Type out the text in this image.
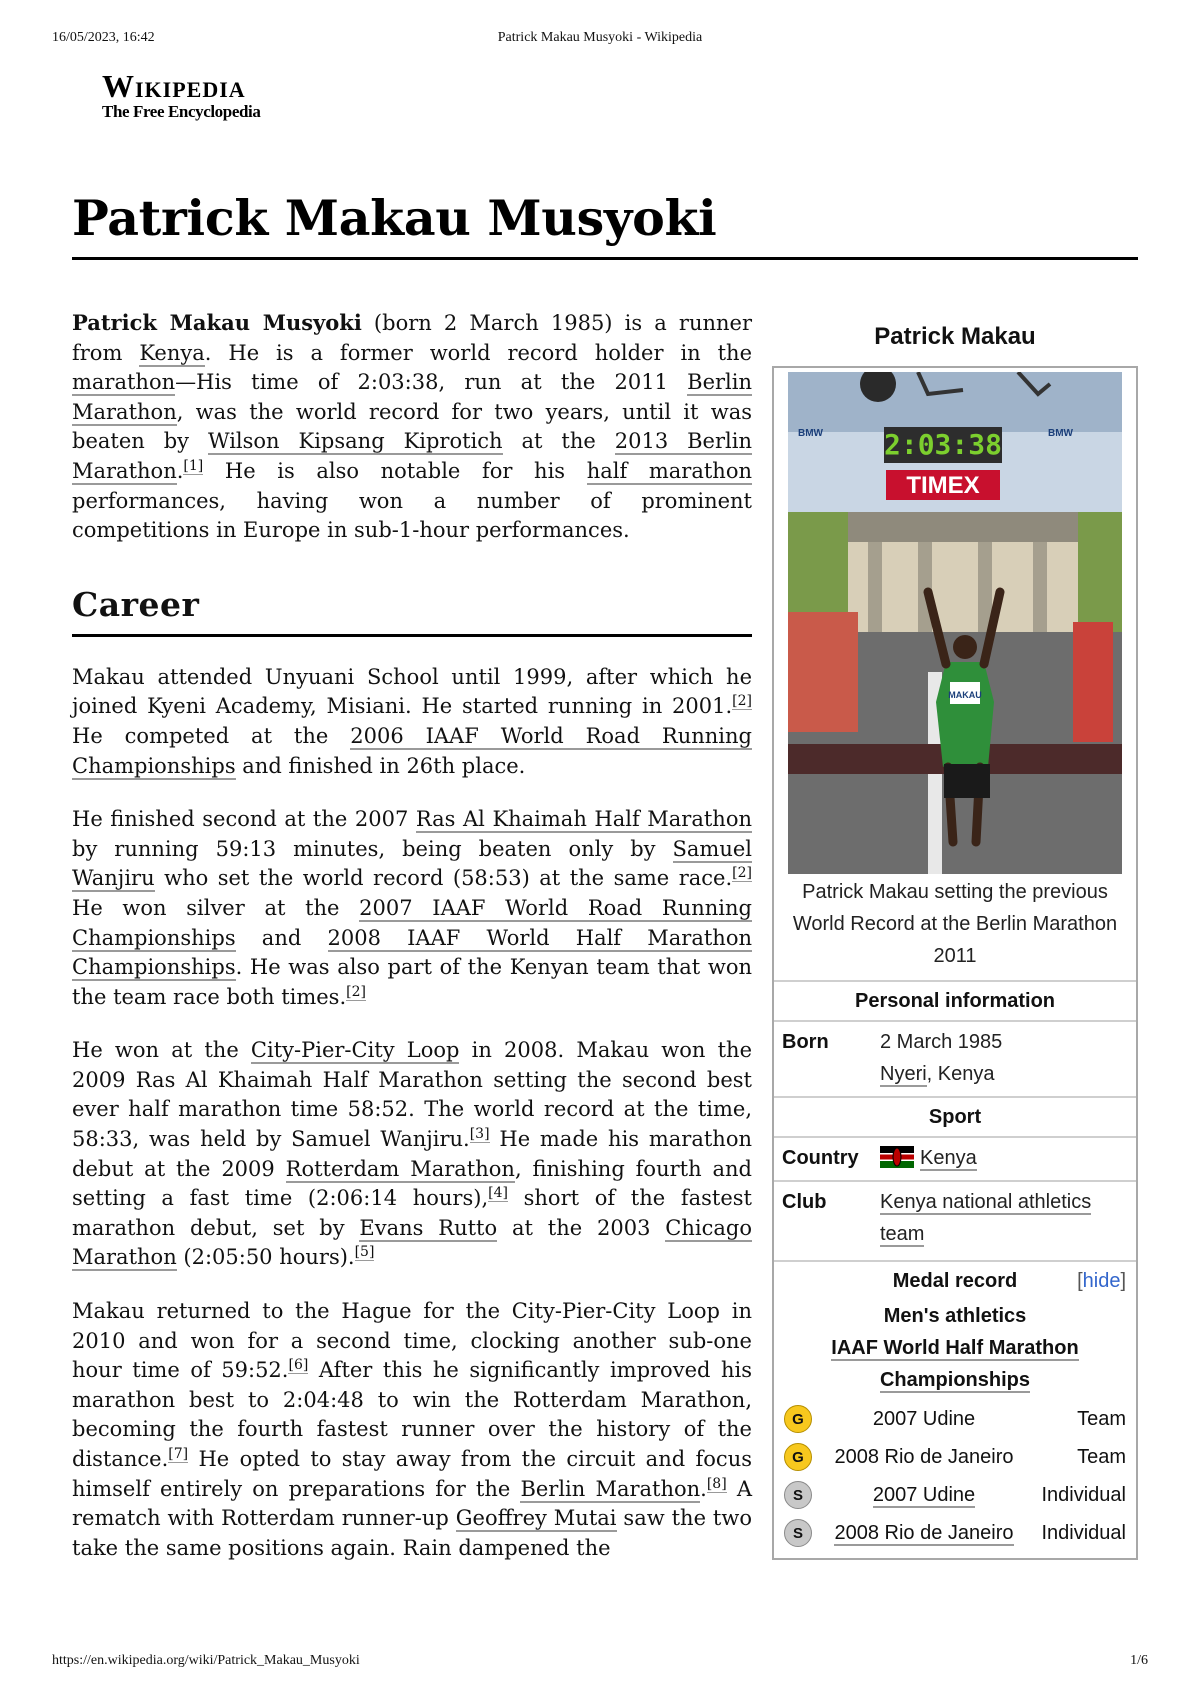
16/05/2023, 16:42	Patrick Makau Musyoki - Wikipedia
Wikipedia
The Free Encyclopedia
Patrick Makau Musyoki

Patrick Makau Musyoki (born 2 March 1985) is a runner from Kenya. He is a former world record holder in the marathon—His time of 2:03:38, run at the 2011 Berlin Marathon, was the world record for two years, until it was beaten by Wilson Kipsang Kiprotich at the 2013 Berlin Marathon.[1] He is also notable for his half marathon performances, having won a number of prominent competitions in Europe in sub-1-hour performances.

Career

Makau attended Unyuani School until 1999, after which he joined Kyeni Academy, Misiani. He started running in 2001.[2] He competed at the 2006 IAAF World Road Running Championships and finished in 26th place.

He finished second at the 2007 Ras Al Khaimah Half Marathon by running 59:13 minutes, being beaten only by Samuel Wanjiru who set the world record (58:53) at the same race.[2] He won silver at the 2007 IAAF World Road Running Championships and 2008 IAAF World Half Marathon Championships. He was also part of the Kenyan team that won the team race both times.[2]

He won at the City-Pier-City Loop in 2008. Makau won the 2009 Ras Al Khaimah Half Marathon setting the second best ever half marathon time 58:52. The world record at the time, 58:33, was held by Samuel Wanjiru.[3] He made his marathon debut at the 2009 Rotterdam Marathon, finishing fourth and setting a fast time (2:06:14 hours),[4] short of the fastest marathon debut, set by Evans Rutto at the 2003 Chicago Marathon (2:05:50 hours).[5]

Makau returned to the Hague for the City-Pier-City Loop in 2010 and won for a second time, clocking another sub-one hour time of 59:52.[6] After this he significantly improved his marathon best to 2:04:48 to win the Rotterdam Marathon, becoming the fourth fastest runner over the history of the distance.[7] He opted to stay away from the circuit and focus himself entirely on preparations for the Berlin Marathon.[8] A rematch with Rotterdam runner-up Geoffrey Mutai saw the two take the same positions again. Rain dampened the

Patrick Makau
2:03:38
TIMEX
BMW	BMW
MAKAU
Patrick Makau setting the previous World Record at the Berlin Marathon 2011
Personal information
Born	2 March 1985
Nyeri, Kenya
Sport
Country	Kenya
Club	Kenya national athletics team
Medal record	[hide]
Men's athletics
IAAF World Half Marathon Championships
G	2007 Udine	Team
G	2008 Rio de Janeiro	Team
S	2007 Udine	Individual
S	2008 Rio de Janeiro	Individual
https://en.wikipedia.org/wiki/Patrick_Makau_Musyoki	1/6
